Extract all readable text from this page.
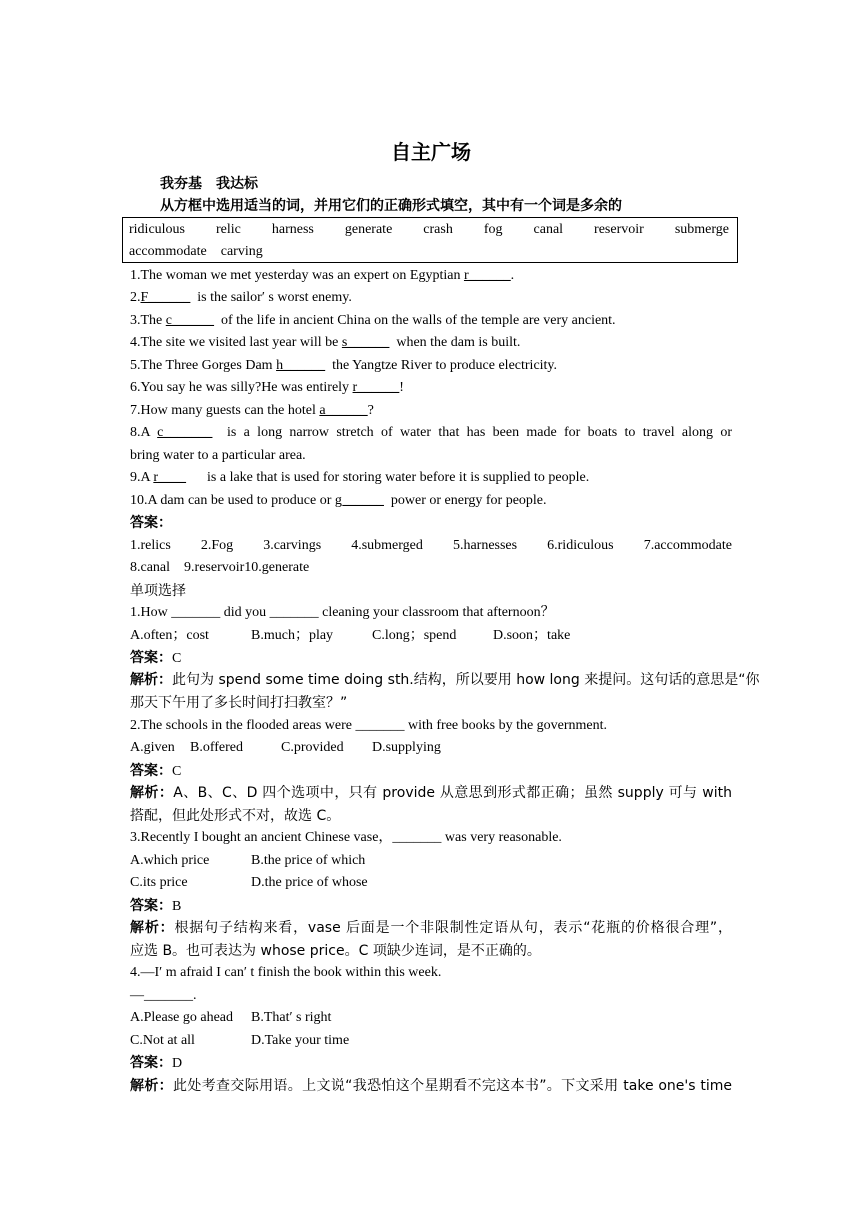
自主广场
我夯基　我达标
从方框中选用适当的词，并用它们的正确形式填空，其中有一个词是多余的
ridiculous relic harness generate crash fog canal reservoir submerge
accommodate carving
1.The woman we met yesterday was an expert on Egyptian r______.
2.F______  is the sailor′ s worst enemy.
3.The c______  of the life in ancient China on the walls of the temple are very ancient.
4.The site we visited last year will be s______  when the dam is built.
5.The Three Gorges Dam h______  the Yangtze River to produce electricity.
6.You say he was silly?He was entirely r______!
7.How many guests can the hotel a______?
8.A c_______  is a long narrow stretch of water that has been made for boats to travel along or
bring water to a particular area.
9.A r____      is a lake that is used for storing water before it is supplied to people.
10.A dam can be used to produce or g______  power or energy for people.
答案：
1.relics 2.Fog 3.carvings 4.submerged 5.harnesses 6.ridiculous 7.accommodate
8.canal    9.reservoir10.generate
单项选择
1.How _______ did you _______ cleaning your classroom that afternoon？
A.often；cost	B.much；play	C.long；spend	D.soon；take
答案：C
解析：此句为 spend some time doing sth.结构，所以要用 how long 来提问。这句话的意思是“你
那天下午用了多长时间打扫教室？”
2.The schools in the flooded areas were _______ with free books by the government.
A.given B.offered	C.provided D.supplying
答案：C
解析：A、B、C、D 四个选项中，只有 provide 从意思到形式都正确；虽然 supply 可与 with
搭配，但此处形式不对，故选 C。
3.Recently I bought an ancient Chinese vase，_______ was very reasonable.
A.which price	B.the price of which
C.its price	D.the price of whose
答案：B
解析：根据句子结构来看，vase 后面是一个非限制性定语从句，表示“花瓶的价格很合理”，
应选 B。也可表达为 whose price。C 项缺少连词，是不正确的。
4.—I′ m afraid I can′ t finish the book within this week.
—_______.
A.Please go ahead B.That′ s right
C.Not at all	D.Take your time
答案：D
解析：此处考查交际用语。上文说“我恐怕这个星期看不完这本书”。下文采用 take one's time
